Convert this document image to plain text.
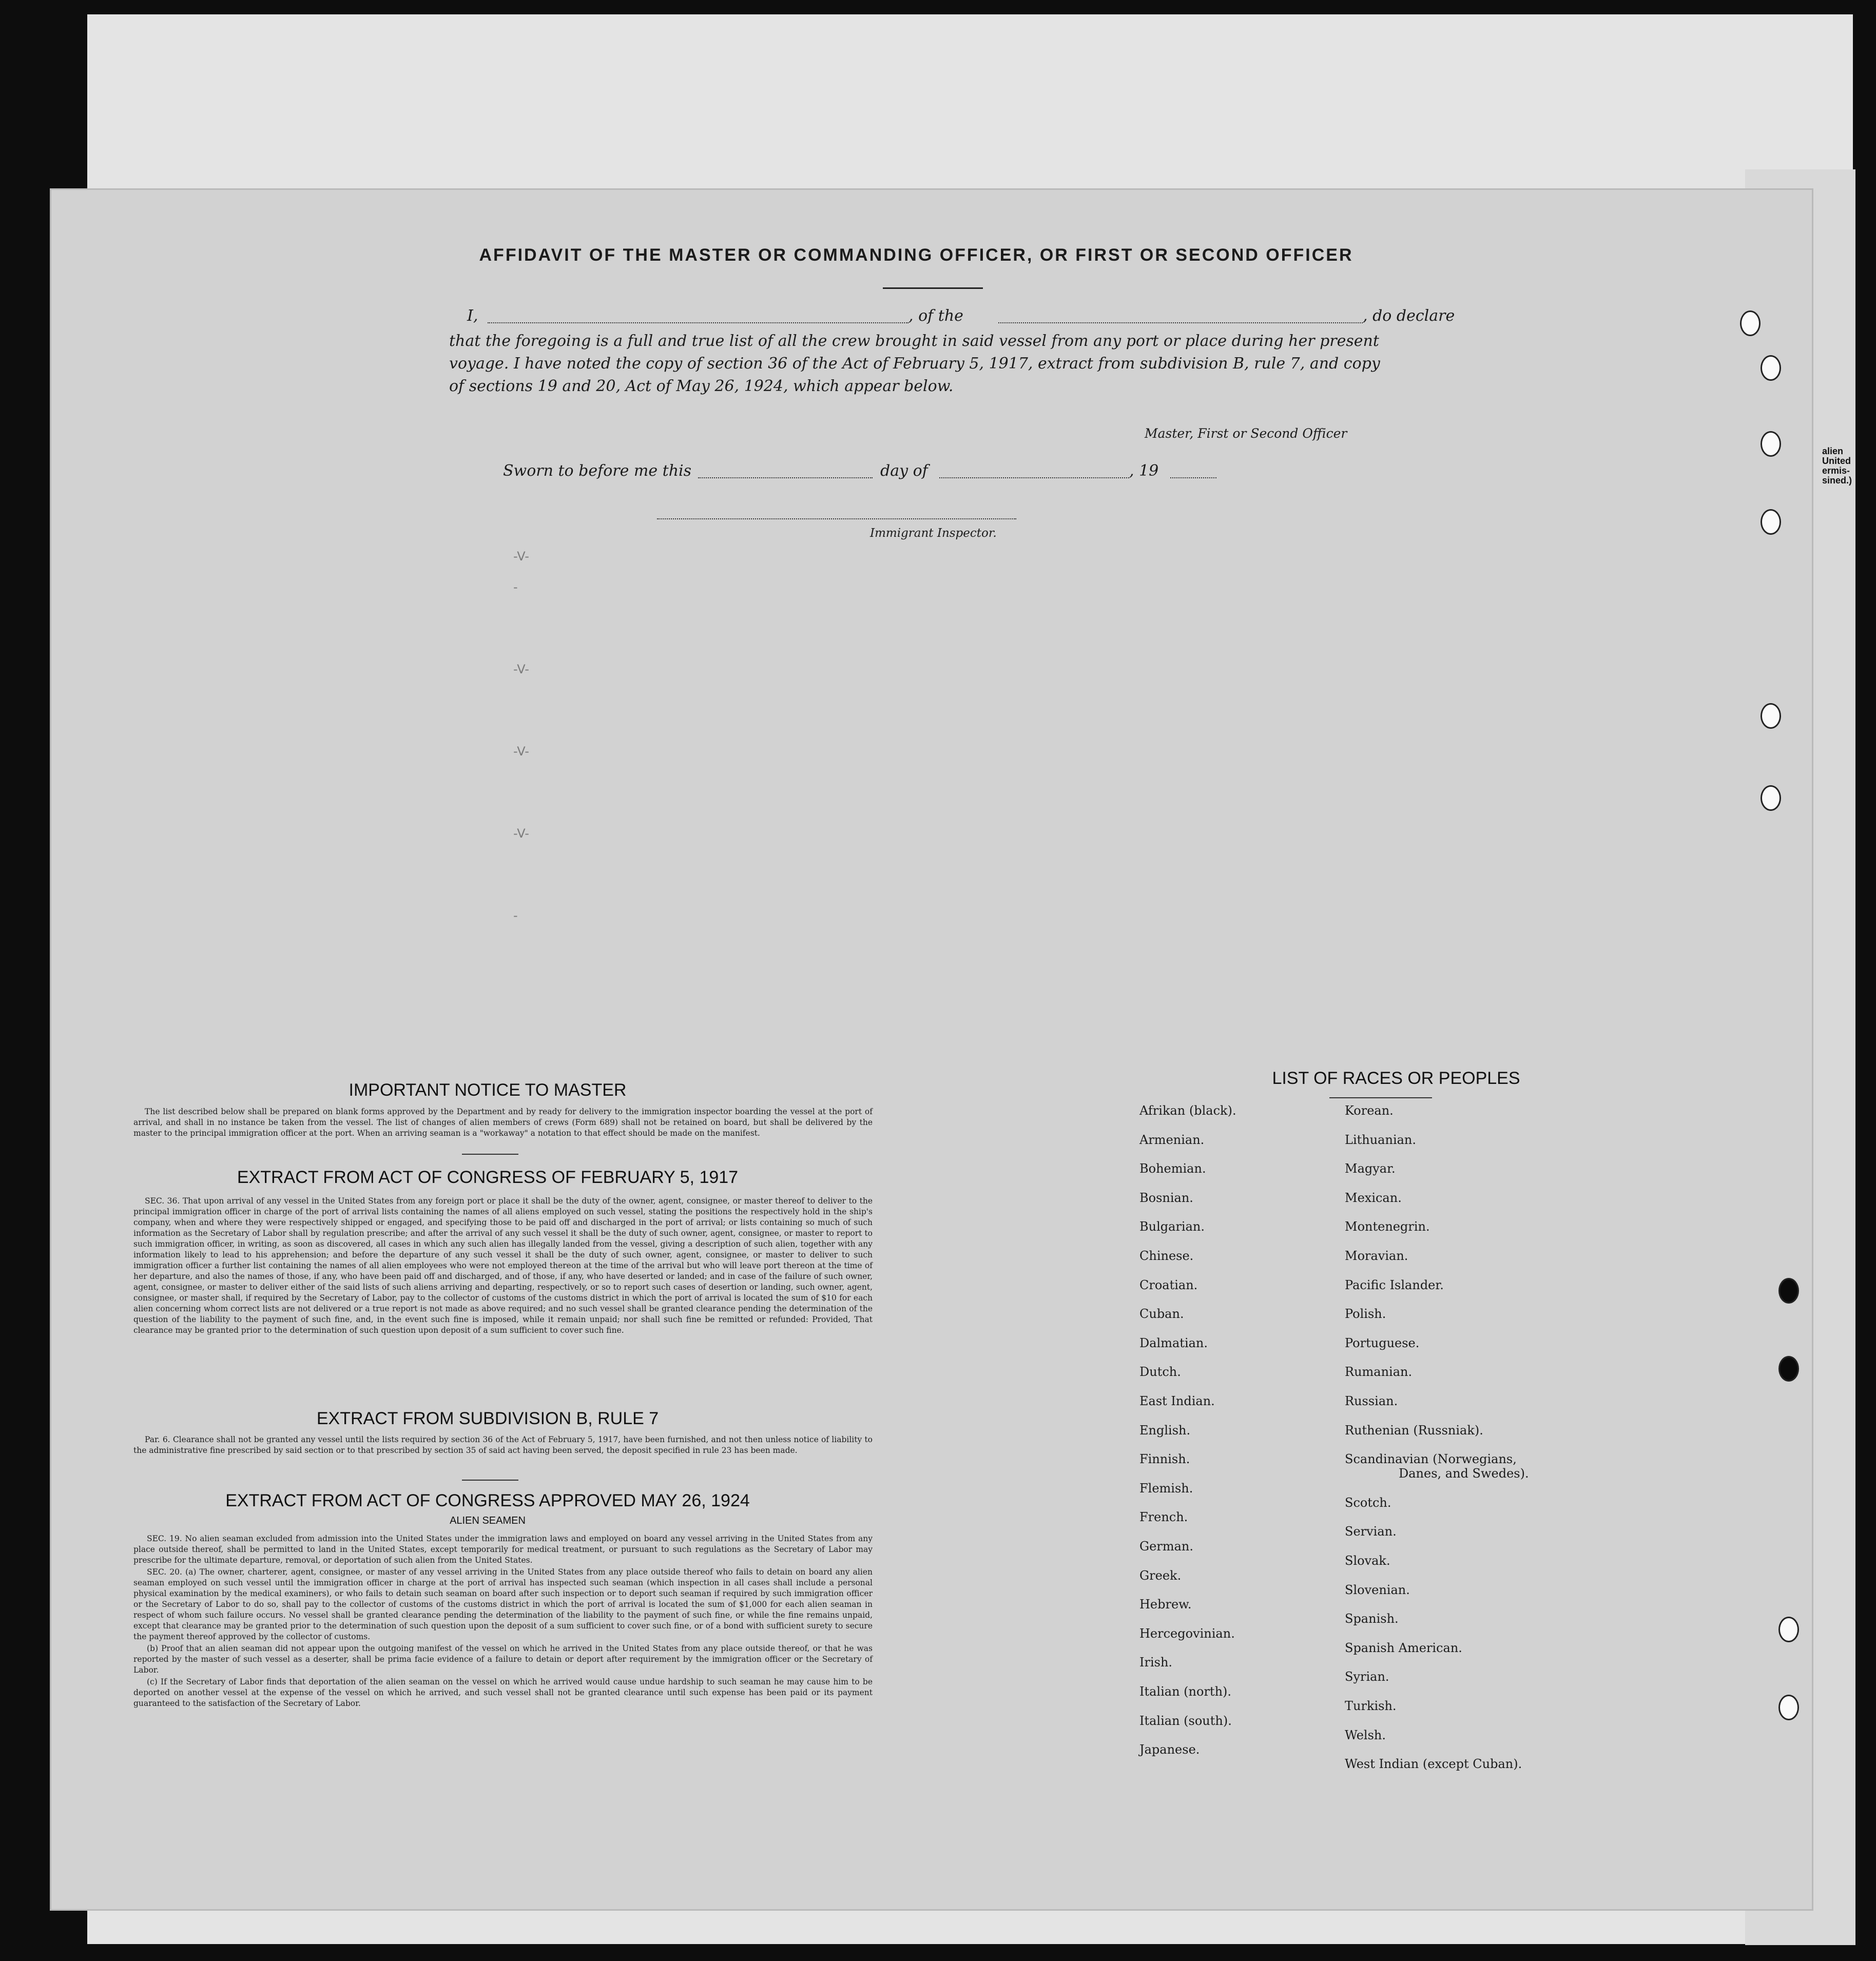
alien
United
ermis-
sined.)
AFFIDAVIT OF THE MASTER OR COMMANDING OFFICER, OR FIRST OR SECOND OFFICER
I,	, of the	, do declare
that the foregoing is a full and true list of all the crew brought in said vessel from any port or place during her present
voyage. I have noted the copy of section 36 of the Act of February 5, 1917, extract from subdivision B, rule 7, and copy
of sections 19 and 20, Act of May 26, 1924, which appear below.
Master, First or Second Officer
Sworn to before me this	day of	, 19
Immigrant Inspector.
-V-
-
-V-
-V-
-V-
-
IMPORTANT NOTICE TO MASTER
The list described below shall be prepared on blank forms approved by the Department and by ready for delivery to the immigration inspector boarding the vessel at the port of arrival, and shall in no instance be taken from the vessel. The list of changes of alien members of crews (Form 689) shall not be retained on board, but shall be delivered by the master to the principal immigration officer at the port. When an arriving seaman is a "workaway" a notation to that effect should be made on the manifest.
EXTRACT FROM ACT OF CONGRESS OF FEBRUARY 5, 1917
SEC. 36. That upon arrival of any vessel in the United States from any foreign port or place it shall be the duty of the owner, agent, consignee, or master thereof to deliver to the principal immigration officer in charge of the port of arrival lists containing the names of all aliens employed on such vessel, stating the positions the respectively hold in the ship's company, when and where they were respectively shipped or engaged, and specifying those to be paid off and discharged in the port of arrival; or lists containing so much of such information as the Secretary of Labor shall by regulation prescribe; and after the arrival of any such vessel it shall be the duty of such owner, agent, consignee, or master to report to such immigration officer, in writing, as soon as discovered, all cases in which any such alien has illegally landed from the vessel, giving a description of such alien, together with any information likely to lead to his apprehension; and before the departure of any such vessel it shall be the duty of such owner, agent, consignee, or master to deliver to such immigration officer a further list containing the names of all alien employees who were not employed thereon at the time of the arrival but who will leave port thereon at the time of her departure, and also the names of those, if any, who have been paid off and discharged, and of those, if any, who have deserted or landed; and in case of the failure of such owner, agent, consignee, or master to deliver either of the said lists of such aliens arriving and departing, respectively, or so to report such cases of desertion or landing, such owner, agent, consignee, or master shall, if required by the Secretary of Labor, pay to the collector of customs of the customs district in which the port of arrival is located the sum of $10 for each alien concerning whom correct lists are not delivered or a true report is not made as above required; and no such vessel shall be granted clearance pending the determination of the question of the liability to the payment of such fine, and, in the event such fine is imposed, while it remain unpaid; nor shall such fine be remitted or refunded: Provided, That clearance may be granted prior to the determination of such question upon deposit of a sum sufficient to cover such fine.
EXTRACT FROM SUBDIVISION B, RULE 7
Par. 6. Clearance shall not be granted any vessel until the lists required by section 36 of the Act of February 5, 1917, have been furnished, and not then unless notice of liability to the administrative fine prescribed by said section or to that prescribed by section 35 of said act having been served, the deposit specified in rule 23 has been made.
EXTRACT FROM ACT OF CONGRESS APPROVED MAY 26, 1924
ALIEN SEAMEN

SEC. 19. No alien seaman excluded from admission into the United States under the immigration laws and employed on board any vessel arriving in the United States from any place outside thereof, shall be permitted to land in the United States, except temporarily for medical treatment, or pursuant to such regulations as the Secretary of Labor may prescribe for the ultimate departure, removal, or deportation of such alien from the United States.

SEC. 20. (a) The owner, charterer, agent, consignee, or master of any vessel arriving in the United States from any place outside thereof who fails to detain on board any alien seaman employed on such vessel until the immigration officer in charge at the port of arrival has inspected such seaman (which inspection in all cases shall include a personal physical examination by the medical examiners), or who fails to detain such seaman on board after such inspection or to deport such seaman if required by such immigration officer or the Secretary of Labor to do so, shall pay to the collector of customs of the customs district in which the port of arrival is located the sum of $1,000 for each alien seaman in respect of whom such failure occurs. No vessel shall be granted clearance pending the determination of the liability to the payment of such fine, or while the fine remains unpaid, except that clearance may be granted prior to the determination of such question upon the deposit of a sum sufficient to cover such fine, or of a bond with sufficient surety to secure the payment thereof approved by the collector of customs.

(b) Proof that an alien seaman did not appear upon the outgoing manifest of the vessel on which he arrived in the United States from any place outside thereof, or that he was reported by the master of such vessel as a deserter, shall be prima facie evidence of a failure to detain or deport after requirement by the immigration officer or the Secretary of Labor.

(c) If the Secretary of Labor finds that deportation of the alien seaman on the vessel on which he arrived would cause undue hardship to such seaman he may cause him to be deported on another vessel at the expense of the vessel on which he arrived, and such vessel shall not be granted clearance until such expense has been paid or its payment guaranteed to the satisfaction of the Secretary of Labor.

LIST OF RACES OR PEOPLES
Afrikan (black).
Armenian.
Bohemian.
Bosnian.
Bulgarian.
Chinese.
Croatian.
Cuban.
Dalmatian.
Dutch.
East Indian.
English.
Finnish.
Flemish.
French.
German.
Greek.
Hebrew.
Hercegovinian.
Irish.
Italian (north).
Italian (south).
Japanese.
Korean.
Lithuanian.
Magyar.
Mexican.
Montenegrin.
Moravian.
Pacific Islander.
Polish.
Portuguese.
Rumanian.
Russian.
Ruthenian (Russniak).
Scandinavian (Norwegians,
Danes, and Swedes).
Scotch.
Servian.
Slovak.
Slovenian.
Spanish.
Spanish American.
Syrian.
Turkish.
Welsh.
West Indian (except Cuban).
